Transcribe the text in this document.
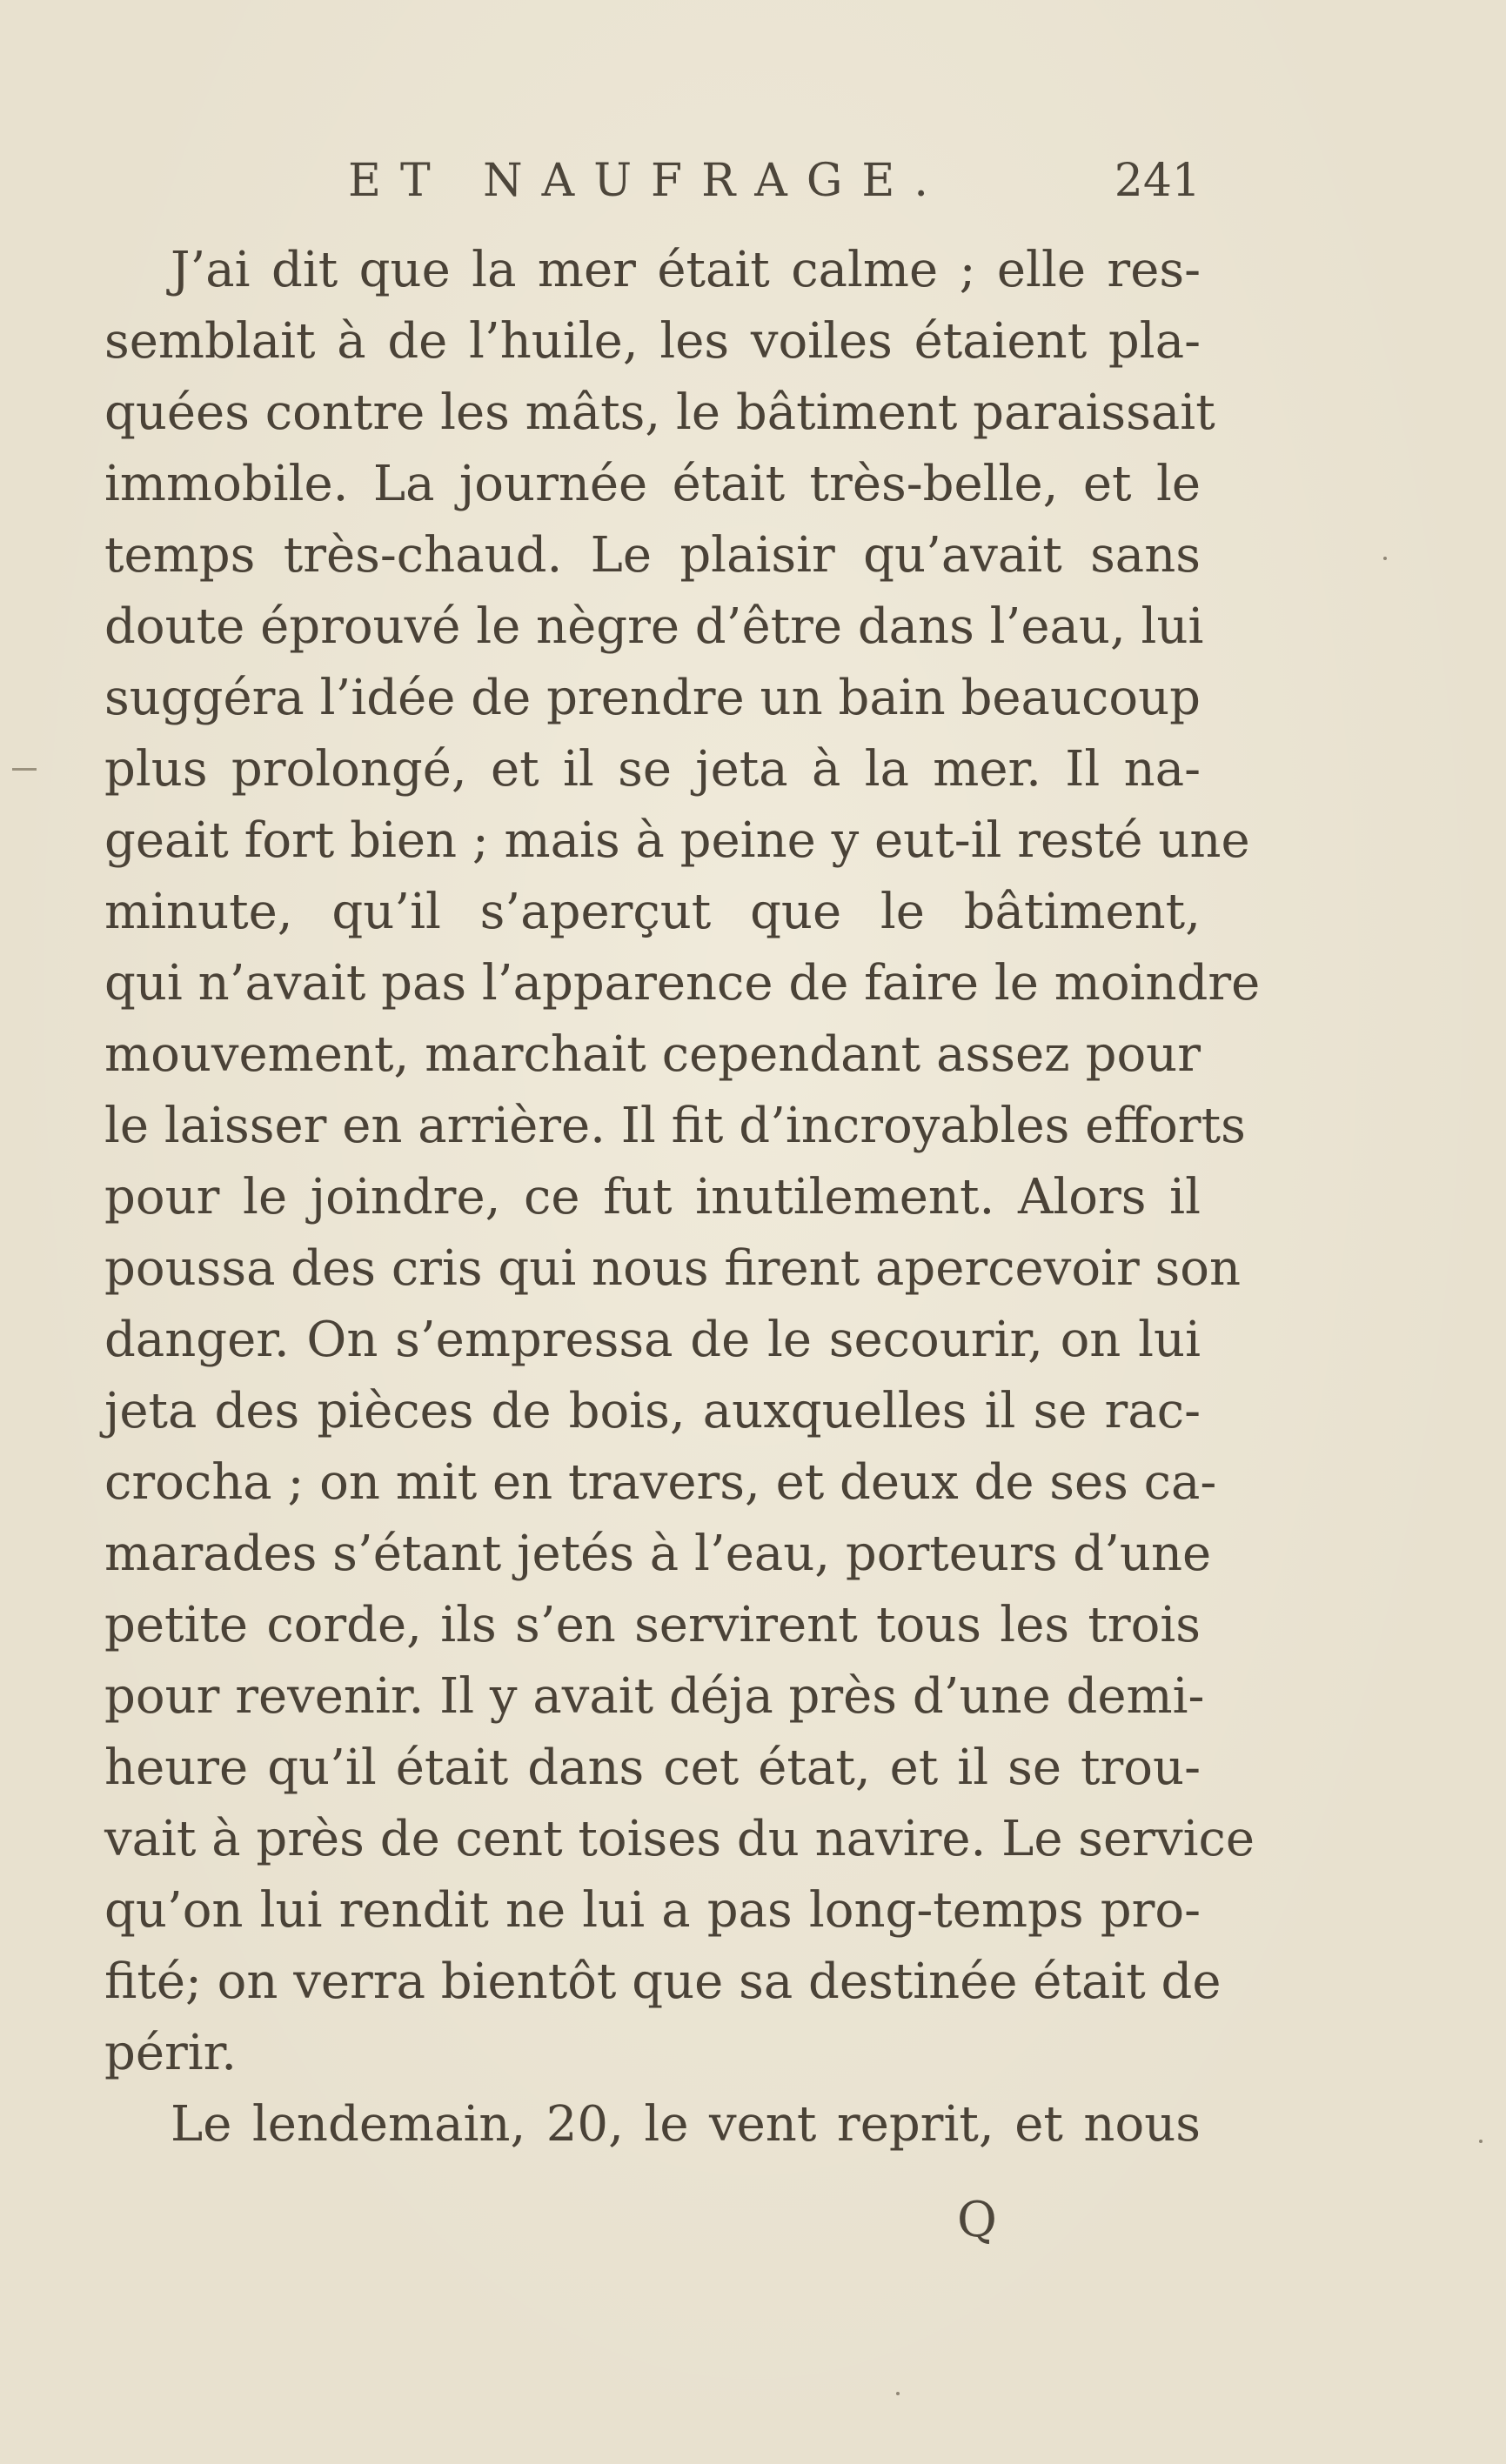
ET NAUFRAGE.	241

J’ai dit que la mer était calme ; elle res-
semblait à de l’huile, les voiles étaient pla-
quées contre les mâts, le bâtiment paraissait
immobile. La journée était très-belle, et le
temps très-chaud. Le plaisir qu’avait sans
doute éprouvé le nègre d’être dans l’eau, lui
suggéra l’idée de prendre un bain beaucoup
plus prolongé, et il se jeta à la mer. Il na-
geait fort bien ; mais à peine y eut-il resté une
minute, qu’il s’aperçut que le bâtiment,
qui n’avait pas l’apparence de faire le moindre
mouvement, marchait cependant assez pour
le laisser en arrière. Il fit d’incroyables efforts
pour le joindre, ce fut inutilement. Alors il
poussa des cris qui nous firent apercevoir son
danger. On s’empressa de le secourir, on lui
jeta des pièces de bois, auxquelles il se rac-
crocha ; on mit en travers, et deux de ses ca-
marades s’étant jetés à l’eau, porteurs d’une
petite corde, ils s’en servirent tous les trois
pour revenir. Il y avait déja près d’une demi-
heure qu’il était dans cet état, et il se trou-
vait à près de cent toises du navire. Le service
qu’on lui rendit ne lui a pas long-temps pro-
fité; on verra bientôt que sa destinée était de
périr.

Le lendemain, 20, le vent reprit, et nous

Q
